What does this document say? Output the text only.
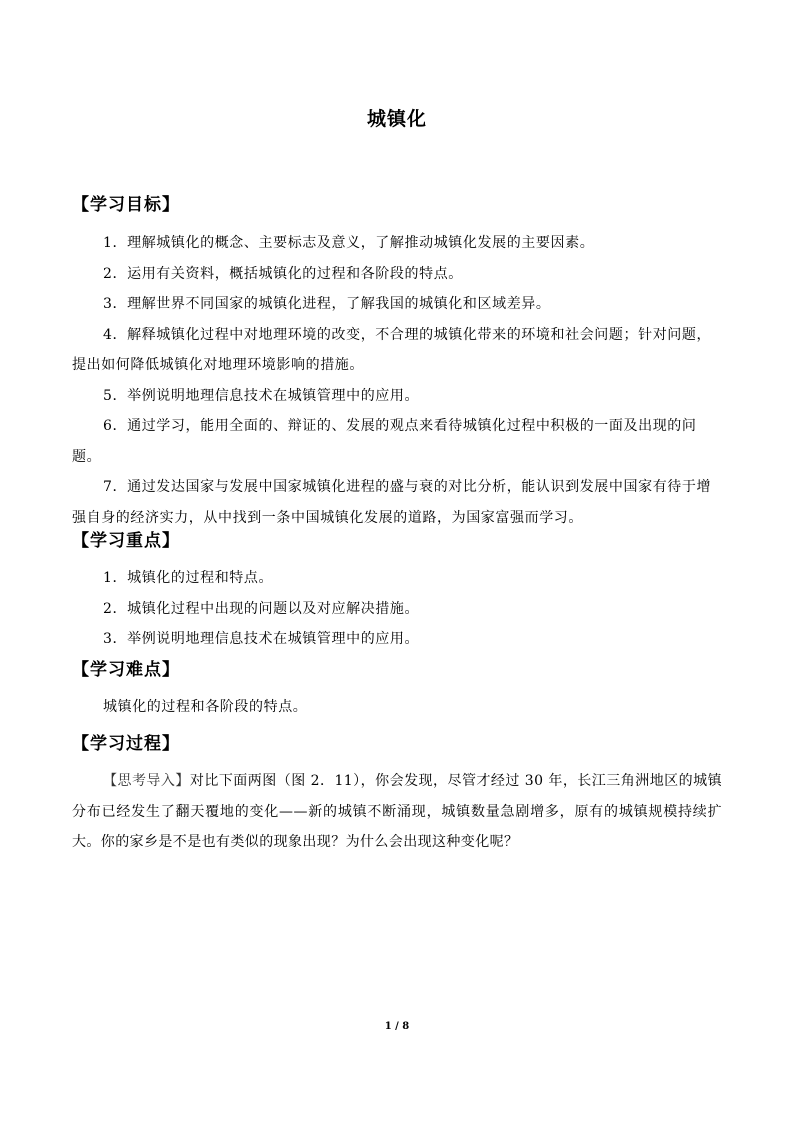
城镇化
【学习目标】

1．理解城镇化的概念、主要标志及意义，了解推动城镇化发展的主要因素。

2．运用有关资料，概括城镇化的过程和各阶段的特点。

3．理解世界不同国家的城镇化进程，了解我国的城镇化和区域差异。

4．解释城镇化过程中对地理环境的改变，不合理的城镇化带来的环境和社会问题；针对问题，提出如何降低城镇化对地理环境影响的措施。

5．举例说明地理信息技术在城镇管理中的应用。

6．通过学习，能用全面的、辩证的、发展的观点来看待城镇化过程中积极的一面及出现的问题。

7．通过发达国家与发展中国家城镇化进程的盛与衰的对比分析，能认识到发展中国家有待于增强自身的经济实力，从中找到一条中国城镇化发展的道路，为国家富强而学习。

【学习重点】

1．城镇化的过程和特点。

2．城镇化过程中出现的问题以及对应解决措施。

3．举例说明地理信息技术在城镇管理中的应用。

【学习难点】

城镇化的过程和各阶段的特点。

【学习过程】

【思考导入】对比下面两图（图 2．11），你会发现，尽管才经过 30 年，长江三角洲地区的城镇分布已经发生了翻天覆地的变化——新的城镇不断涌现，城镇数量急剧增多，原有的城镇规模持续扩大。你的家乡是不是也有类似的现象出现？为什么会出现这种变化呢？

1 / 8
